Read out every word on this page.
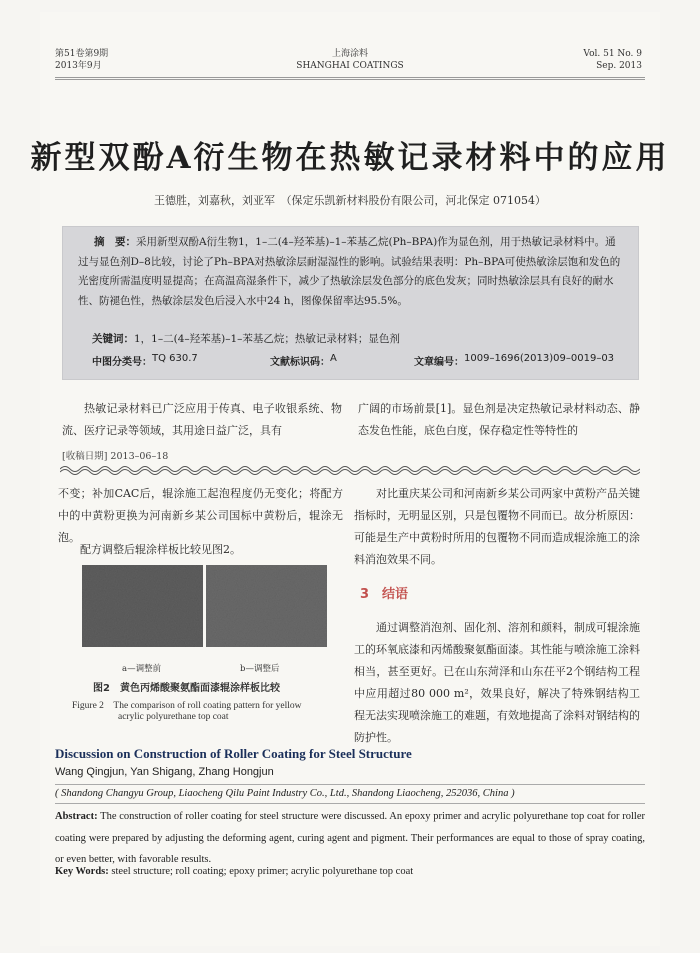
第51卷第9期
2013年9月
上海涂料
SHANGHAI COATINGS
Vol. 51 No. 9
Sep. 2013
新型双酚A衍生物在热敏记录材料中的应用
王德胜，刘嘉秋，刘亚军　（保定乐凯新材料股份有限公司，河北保定 071054）
摘　要：采用新型双酚A衍生物1，1–二(4–羟苯基)–1–苯基乙烷(Ph–BPA)作为显色剂，用于热敏记录材料中。通过与显色剂D–8比较，讨论了Ph–BPA对热敏涂层耐湿湿性的影响。试验结果表明：Ph–BPA可使热敏涂层饱和发色的光密度所需温度明显提高；在高温高湿条件下，减少了热敏涂层发色部分的底色发灰；同时热敏涂层具有良好的耐水性、防褪色性，热敏涂层发色后浸入水中24 h，图像保留率达95.5%。
关键词：1，1–二(4–羟苯基)–1–苯基乙烷；热敏记录材料；显色剂
中图分类号： TQ 630.7	文献标识码： A	文章编号： 1009–1696(2013)09–0019–03
热敏记录材料已广泛应用于传真、电子收银系统、物流、医疗记录等领域，其用途日益广泛，具有
广阔的市场前景[1]。显色剂是决定热敏记录材料动态、静态发色性能，底色白度，保存稳定性等特性的
[收稿日期] 2013–06–18
不变；补加CAC后，辊涂施工起泡程度仍无变化；将配方中的中黄粉更换为河南新乡某公司国标中黄粉后，辊涂无泡。
配方调整后辊涂样板比较见图2。
a—调整前	b—调整后
图2　黄色丙烯酸聚氨酯面漆辊涂样板比较
Figure 2　The comparison of roll coating pattern for yellow
acrylic polyurethane top coat
对比重庆某公司和河南新乡某公司两家中黄粉产品关键指标时，无明显区别，只是包覆物不同而已。故分析原因：可能是生产中黄粉时所用的包覆物不同而造成辊涂施工的涂料消泡效果不同。
3　结语
通过调整消泡剂、固化剂、溶剂和颜料，制成可辊涂施工的环氧底漆和丙烯酸聚氨酯面漆。其性能与喷涂施工涂料相当，甚至更好。已在山东菏泽和山东茌平2个钢结构工程中应用超过80 000 m²，效果良好，解决了特殊钢结构工程无法实现喷涂施工的难题，有效地提高了涂料对钢结构的防护性。
Discussion on Construction of Roller Coating for Steel Structure
Wang Qingjun, Yan Shigang, Zhang Hongjun
( Shandong Changyu Group, Liaocheng Qilu Paint Industry Co., Ltd., Shandong Liaocheng, 252036, China )
Abstract: The construction of roller coating for steel structure were discussed. An epoxy primer and acrylic polyurethane top coat for roller coating were prepared by adjusting the deforming agent, curing agent and pigment. Their performances are equal to those of spray coating, or even better, with favorable results.
Key Words: steel structure; roll coating; epoxy primer; acrylic polyurethane top coat
